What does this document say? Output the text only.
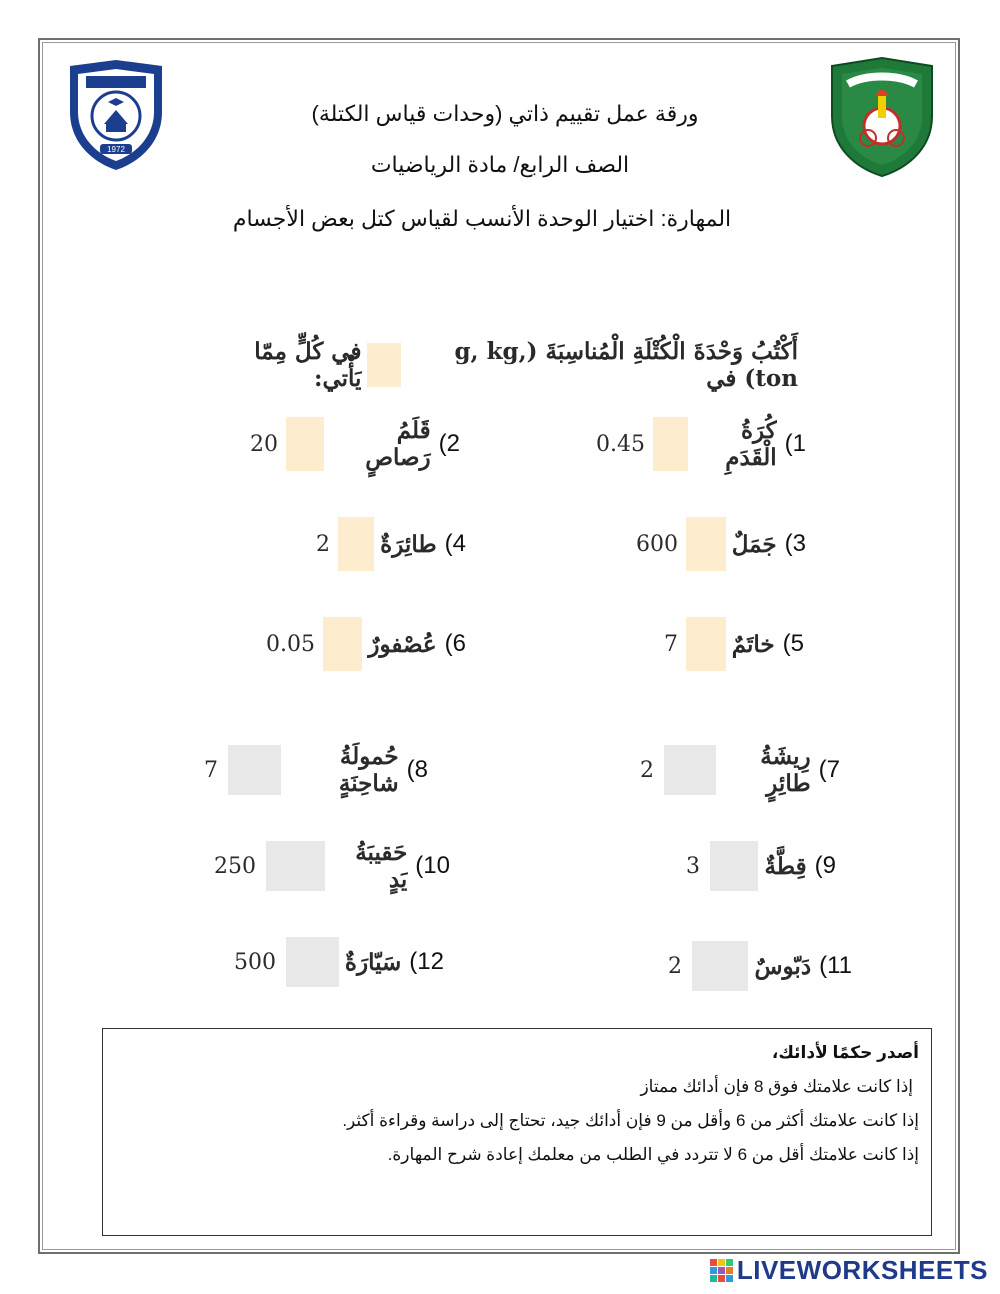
1972
ورقة عمل تقييم ذاتي (وحدات قياس الكتلة)
الصف الرابع/ مادة الرياضيات
المهارة: اختيار الوحدة الأنسب لقياس كتل بعض الأجسام
أَكْتُبُ وَحْدَةَ الْكُتْلَةِ الْمُناسِبَةَ (g, kg, ton) في
في كُلٍّ مِمّا يَأْتي:
1)
كُرَةُ الْقَدَمِ
0.45
2)
قَلَمُ رَصاصٍ
20
3)
جَمَلٌ
600
4)
طائِرَةٌ
2
5)
خاتَمٌ
7
6)
عُصْفورٌ
0.05
7)
رِيشَةُ طائِرٍ
2
8)
حُمولَةُ شاحِنَةٍ
7
9)
قِطَّةٌ
3
10)
حَقيبَةُ يَدٍ
250
11)
دَبّوسٌ
2
12)
سَيّارَةٌ
500
أصدر حكمًا لأدائك،
إذا كانت علامتك فوق 8 فإن أدائك ممتاز
إذا كانت علامتك أكثر من 6 وأقل من 9 فإن أدائك جيد، تحتاج إلى دراسة وقراءة أكثر.
إذا كانت علامتك أقل من 6 لا تتردد في الطلب من معلمك إعادة شرح المهارة.
LIVEWORKSHEETS
